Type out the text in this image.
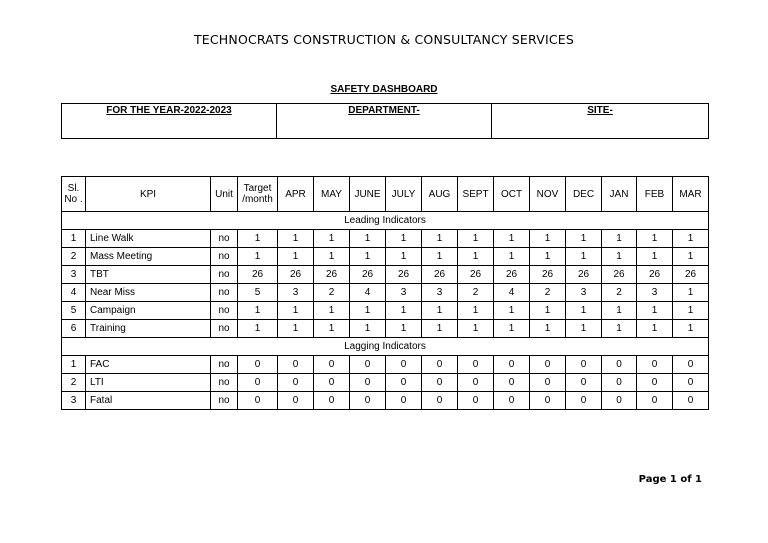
TECHNOCRATS CONSTRUCTION & CONSULTANCY SERVICES
SAFETY DASHBOARD
FOR THE YEAR-2022-2023	DEPARTMENT-	SITE-
Sl. No .	KPI	Unit	Target /month	APR	MAY	JUNE	JULY	AUG	SEPT	OCT	NOV	DEC	JAN	FEB	MAR
Leading Indicators															
1	Line Walk	no	1	1	1	1	1	1	1	1	1	1	1	1	1
2	Mass Meeting	no	1	1	1	1	1	1	1	1	1	1	1	1	1
3	TBT	no	26	26	26	26	26	26	26	26	26	26	26	26	26
4	Near Miss	no	5	3	2	4	3	3	2	4	2	3	2	3	1
5	Campaign	no	1	1	1	1	1	1	1	1	1	1	1	1	1
6	Training	no	1	1	1	1	1	1	1	1	1	1	1	1	1
Lagging Indicators															
1	FAC	no	0	0	0	0	0	0	0	0	0	0	0	0	0
2	LTI	no	0	0	0	0	0	0	0	0	0	0	0	0	0
3	Fatal	no	0	0	0	0	0	0	0	0	0	0	0	0	0
Page 1 of 1
